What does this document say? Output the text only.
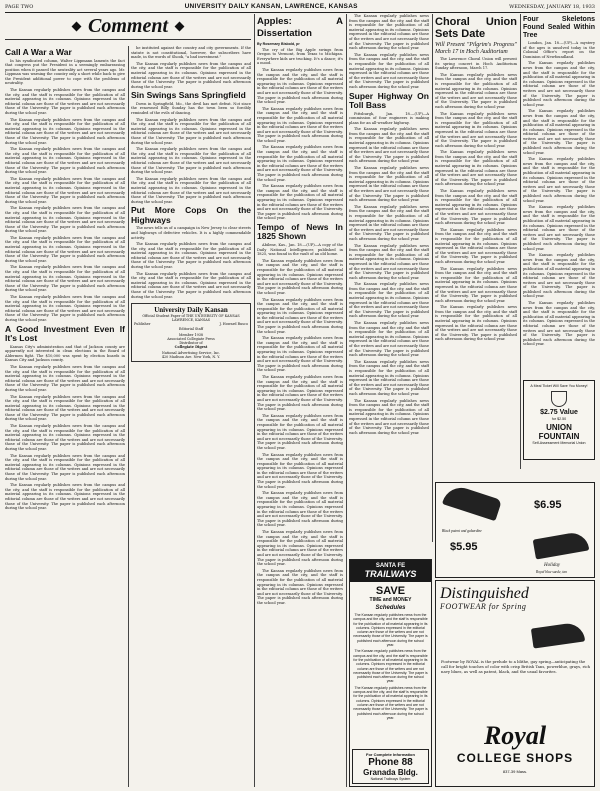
PAGE TWO	UNIVERSITY DAILY KANSAN, LAWRENCE, KANSAS	WEDNESDAY, JANUARY 18, 1933
Comment
Call A War a War

In his syndicated column, Walter Lippmann laments the fact that congress put the President in a seemingly embarrassing position when it passed the neutrality act several years ago. Mr. Lippman was warning the country only a short while back to give the President additional power to cope with the problems of neutrality.

The Kansan regularly publishes news from the campus and the city, and the staff is responsible for the publication of all material appearing in its columns. Opinions expressed in the editorial column are those of the writers and are not necessarily those of the University. The paper is published each afternoon during the school year.

The Kansan regularly publishes news from the campus and the city, and the staff is responsible for the publication of all material appearing in its columns. Opinions expressed in the editorial column are those of the writers and are not necessarily those of the University. The paper is published each afternoon during the school year.

The Kansan regularly publishes news from the campus and the city, and the staff is responsible for the publication of all material appearing in its columns. Opinions expressed in the editorial column are those of the writers and are not necessarily those of the University. The paper is published each afternoon during the school year.

The Kansan regularly publishes news from the campus and the city, and the staff is responsible for the publication of all material appearing in its columns. Opinions expressed in the editorial column are those of the writers and are not necessarily those of the University. The paper is published each afternoon during the school year.

The Kansan regularly publishes news from the campus and the city, and the staff is responsible for the publication of all material appearing in its columns. Opinions expressed in the editorial column are those of the writers and are not necessarily those of the University. The paper is published each afternoon during the school year.

The Kansan regularly publishes news from the campus and the city, and the staff is responsible for the publication of all material appearing in its columns. Opinions expressed in the editorial column are those of the writers and are not necessarily those of the University. The paper is published each afternoon during the school year.

The Kansan regularly publishes news from the campus and the city, and the staff is responsible for the publication of all material appearing in its columns. Opinions expressed in the editorial column are those of the writers and are not necessarily those of the University. The paper is published each afternoon during the school year.

The Kansan regularly publishes news from the campus and the city, and the staff is responsible for the publication of all material appearing in its columns. Opinions expressed in the editorial column are those of the writers and are not necessarily those of the University. The paper is published each afternoon during the school year.

A Good Investment Even If It's Lost

Kansas City's administration and that of Jackson county are apparently not interested in clean elections in the Board of Aldermen fight. The $10,000 was spent by election boards in Kansas City and Jackson county.

The Kansan regularly publishes news from the campus and the city, and the staff is responsible for the publication of all material appearing in its columns. Opinions expressed in the editorial column are those of the writers and are not necessarily those of the University. The paper is published each afternoon during the school year.

The Kansan regularly publishes news from the campus and the city, and the staff is responsible for the publication of all material appearing in its columns. Opinions expressed in the editorial column are those of the writers and are not necessarily those of the University. The paper is published each afternoon during the school year.

The Kansan regularly publishes news from the campus and the city, and the staff is responsible for the publication of all material appearing in its columns. Opinions expressed in the editorial column are those of the writers and are not necessarily those of the University. The paper is published each afternoon during the school year.

The Kansan regularly publishes news from the campus and the city, and the staff is responsible for the publication of all material appearing in its columns. Opinions expressed in the editorial column are those of the writers and are not necessarily those of the University. The paper is published each afternoon during the school year.

The Kansan regularly publishes news from the campus and the city, and the staff is responsible for the publication of all material appearing in its columns. Opinions expressed in the editorial column are those of the writers and are not necessarily those of the University. The paper is published each afternoon during the school year.

he instituted against the country and city governments. If the statute is not constitutional, however, the subscribers have made, in the words of Shook, "a bad investment."

The Kansan regularly publishes news from the campus and the city, and the staff is responsible for the publication of all material appearing in its columns. Opinions expressed in the editorial column are those of the writers and are not necessarily those of the University. The paper is published each afternoon during the school year.

Sin Swings Sans Springfield

Down in Springfield, Mo., the devil has met defeat. Not since the renowned Billy Sunday has the town been so forcibly reminded of the evils of dancing.

The Kansan regularly publishes news from the campus and the city, and the staff is responsible for the publication of all material appearing in its columns. Opinions expressed in the editorial column are those of the writers and are not necessarily those of the University. The paper is published each afternoon during the school year.

The Kansan regularly publishes news from the campus and the city, and the staff is responsible for the publication of all material appearing in its columns. Opinions expressed in the editorial column are those of the writers and are not necessarily those of the University. The paper is published each afternoon during the school year.

The Kansan regularly publishes news from the campus and the city, and the staff is responsible for the publication of all material appearing in its columns. Opinions expressed in the editorial column are those of the writers and are not necessarily those of the University. The paper is published each afternoon during the school year.

Put More Cops On the Highways

The news tells us of a campaign in New Jersey to clear streets and highways of defective vehicles. It is a highly commendable activity.

The Kansan regularly publishes news from the campus and the city, and the staff is responsible for the publication of all material appearing in its columns. Opinions expressed in the editorial column are those of the writers and are not necessarily those of the University. The paper is published each afternoon during the school year.

The Kansan regularly publishes news from the campus and the city, and the staff is responsible for the publication of all material appearing in its columns. Opinions expressed in the editorial column are those of the writers and are not necessarily those of the University. The paper is published each afternoon during the school year.

University Daily Kansan
Official Student Paper of THE UNIVERSITY OF KANSAS LAWRENCE, KANSAS
Publisher	J. Howard Rusco
Editorial Staff
Member 1938
Associated Collegiate Press
Distributor of
Collegiate Digest
National Advertising Service, Inc.
420 Madison Ave. New York, N. Y.
Apples: A Dissertation
By Rosemary Bisbold, pr

The cry of the Big Apple swings from Oregon to Vermont, from Texas to Michigan. Everywhere kids are trucking. It's a dance; it's a mood.

The Kansan regularly publishes news from the campus and the city, and the staff is responsible for the publication of all material appearing in its columns. Opinions expressed in the editorial column are those of the writers and are not necessarily those of the University. The paper is published each afternoon during the school year.

The Kansan regularly publishes news from the campus and the city, and the staff is responsible for the publication of all material appearing in its columns. Opinions expressed in the editorial column are those of the writers and are not necessarily those of the University. The paper is published each afternoon during the school year.

The Kansan regularly publishes news from the campus and the city, and the staff is responsible for the publication of all material appearing in its columns. Opinions expressed in the editorial column are those of the writers and are not necessarily those of the University. The paper is published each afternoon during the school year.

The Kansan regularly publishes news from the campus and the city, and the staff is responsible for the publication of all material appearing in its columns. Opinions expressed in the editorial column are those of the writers and are not necessarily those of the University. The paper is published each afternoon during the school year.

Tempo of News In 1825 Shown

Abilene, Kas., Jan. 18.—(UP)—A copy of the Daily National Intelligencer, published in 1825, was found in the vault of an old home.

The Kansan regularly publishes news from the campus and the city, and the staff is responsible for the publication of all material appearing in its columns. Opinions expressed in the editorial column are those of the writers and are not necessarily those of the University. The paper is published each afternoon during the school year.

The Kansan regularly publishes news from the campus and the city, and the staff is responsible for the publication of all material appearing in its columns. Opinions expressed in the editorial column are those of the writers and are not necessarily those of the University. The paper is published each afternoon during the school year.

The Kansan regularly publishes news from the campus and the city, and the staff is responsible for the publication of all material appearing in its columns. Opinions expressed in the editorial column are those of the writers and are not necessarily those of the University. The paper is published each afternoon during the school year.

The Kansan regularly publishes news from the campus and the city, and the staff is responsible for the publication of all material appearing in its columns. Opinions expressed in the editorial column are those of the writers and are not necessarily those of the University. The paper is published each afternoon during the school year.

The Kansan regularly publishes news from the campus and the city, and the staff is responsible for the publication of all material appearing in its columns. Opinions expressed in the editorial column are those of the writers and are not necessarily those of the University. The paper is published each afternoon during the school year.

The Kansan regularly publishes news from the campus and the city, and the staff is responsible for the publication of all material appearing in its columns. Opinions expressed in the editorial column are those of the writers and are not necessarily those of the University. The paper is published each afternoon during the school year.

The Kansan regularly publishes news from the campus and the city, and the staff is responsible for the publication of all material appearing in its columns. Opinions expressed in the editorial column are those of the writers and are not necessarily those of the University. The paper is published each afternoon during the school year.

The Kansan regularly publishes news from the campus and the city, and the staff is responsible for the publication of all material appearing in its columns. Opinions expressed in the editorial column are those of the writers and are not necessarily those of the University. The paper is published each afternoon during the school year.

The Kansan regularly publishes news from the campus and the city, and the staff is responsible for the publication of all material appearing in its columns. Opinions expressed in the editorial column are those of the writers and are not necessarily those of the University. The paper is published each afternoon during the school year.

The Kansan regularly publishes news from the campus and the city, and the staff is responsible for the publication of all material appearing in its columns. Opinions expressed in the editorial column are those of the writers and are not necessarily those of the University. The paper is published each afternoon during the school year.

The Kansan regularly publishes news from the campus and the city, and the staff is responsible for the publication of all material appearing in its columns. Opinions expressed in the editorial column are those of the writers and are not necessarily those of the University. The paper is published each afternoon during the school year.

Super Highway On Toll Bass

Pittsburgh, Jan. 18.—(UP)—A commission of four engineers is making plans for an all-weather highway.

The Kansan regularly publishes news from the campus and the city, and the staff is responsible for the publication of all material appearing in its columns. Opinions expressed in the editorial column are those of the writers and are not necessarily those of the University. The paper is published each afternoon during the school year.

The Kansan regularly publishes news from the campus and the city, and the staff is responsible for the publication of all material appearing in its columns. Opinions expressed in the editorial column are those of the writers and are not necessarily those of the University. The paper is published each afternoon during the school year.

The Kansan regularly publishes news from the campus and the city, and the staff is responsible for the publication of all material appearing in its columns. Opinions expressed in the editorial column are those of the writers and are not necessarily those of the University. The paper is published each afternoon during the school year.

The Kansan regularly publishes news from the campus and the city, and the staff is responsible for the publication of all material appearing in its columns. Opinions expressed in the editorial column are those of the writers and are not necessarily those of the University. The paper is published each afternoon during the school year.

The Kansan regularly publishes news from the campus and the city, and the staff is responsible for the publication of all material appearing in its columns. Opinions expressed in the editorial column are those of the writers and are not necessarily those of the University. The paper is published each afternoon during the school year.

The Kansan regularly publishes news from the campus and the city, and the staff is responsible for the publication of all material appearing in its columns. Opinions expressed in the editorial column are those of the writers and are not necessarily those of the University. The paper is published each afternoon during the school year.

The Kansan regularly publishes news from the campus and the city, and the staff is responsible for the publication of all material appearing in its columns. Opinions expressed in the editorial column are those of the writers and are not necessarily those of the University. The paper is published each afternoon during the school year.

The Kansan regularly publishes news from the campus and the city, and the staff is responsible for the publication of all material appearing in its columns. Opinions expressed in the editorial column are those of the writers and are not necessarily those of the University. The paper is published each afternoon during the school year.

Choral Union Sets Date
Will Present "Pilgrim's Progress" March 17 in Hoch Auditorium

The Lawrence Choral Union will present its spring concert in Hoch Auditorium Sunday afternoon, March 17.

The Kansan regularly publishes news from the campus and the city, and the staff is responsible for the publication of all material appearing in its columns. Opinions expressed in the editorial column are those of the writers and are not necessarily those of the University. The paper is published each afternoon during the school year.

The Kansan regularly publishes news from the campus and the city, and the staff is responsible for the publication of all material appearing in its columns. Opinions expressed in the editorial column are those of the writers and are not necessarily those of the University. The paper is published each afternoon during the school year.

The Kansan regularly publishes news from the campus and the city, and the staff is responsible for the publication of all material appearing in its columns. Opinions expressed in the editorial column are those of the writers and are not necessarily those of the University. The paper is published each afternoon during the school year.

The Kansan regularly publishes news from the campus and the city, and the staff is responsible for the publication of all material appearing in its columns. Opinions expressed in the editorial column are those of the writers and are not necessarily those of the University. The paper is published each afternoon during the school year.

The Kansan regularly publishes news from the campus and the city, and the staff is responsible for the publication of all material appearing in its columns. Opinions expressed in the editorial column are those of the writers and are not necessarily those of the University. The paper is published each afternoon during the school year.

The Kansan regularly publishes news from the campus and the city, and the staff is responsible for the publication of all material appearing in its columns. Opinions expressed in the editorial column are those of the writers and are not necessarily those of the University. The paper is published each afternoon during the school year.

The Kansan regularly publishes news from the campus and the city, and the staff is responsible for the publication of all material appearing in its columns. Opinions expressed in the editorial column are those of the writers and are not necessarily those of the University. The paper is published each afternoon during the school year.

Four Skeletons Found Sealed Within Tree

London, Jan. 18.—(UP)—A mystery of the ages is unsolved today in the Colonial Office's report on the Dominion of Newfoundland.

The Kansan regularly publishes news from the campus and the city, and the staff is responsible for the publication of all material appearing in its columns. Opinions expressed in the editorial column are those of the writers and are not necessarily those of the University. The paper is published each afternoon during the school year.

The Kansan regularly publishes news from the campus and the city, and the staff is responsible for the publication of all material appearing in its columns. Opinions expressed in the editorial column are those of the writers and are not necessarily those of the University. The paper is published each afternoon during the school year.

The Kansan regularly publishes news from the campus and the city, and the staff is responsible for the publication of all material appearing in its columns. Opinions expressed in the editorial column are those of the writers and are not necessarily those of the University. The paper is published each afternoon during the school year.

The Kansan regularly publishes news from the campus and the city, and the staff is responsible for the publication of all material appearing in its columns. Opinions expressed in the editorial column are those of the writers and are not necessarily those of the University. The paper is published each afternoon during the school year.

The Kansan regularly publishes news from the campus and the city, and the staff is responsible for the publication of all material appearing in its columns. Opinions expressed in the editorial column are those of the writers and are not necessarily those of the University. The paper is published each afternoon during the school year.

The Kansan regularly publishes news from the campus and the city, and the staff is responsible for the publication of all material appearing in its columns. Opinions expressed in the editorial column are those of the writers and are not necessarily those of the University. The paper is published each afternoon during the school year.

A Meal Ticket Will Save You Money!
$2.75 Value
for $2.50
UNION FOUNTAIN
Self-Assessment Memorial Union
$6.95
Black patent and gabardine
$5.95
Holiday
Royal blue suede, tan
Distinguished
FOOTWEAR for Spring
Footwear by ROYAL is the prelude to a blithe, gay spring—anticipating the call for bright touches of color with crisp British Tans, powerblue, grays, rich navy blues, as well as patent, black, and the usual favorites.
Royal
COLLEGE SHOPS
837-39 Mass.
SANTA FE
TRAILWAYS
SAVE
TIME and MONEY
Schedules

The Kansan regularly publishes news from the campus and the city, and the staff is responsible for the publication of all material appearing in its columns. Opinions expressed in the editorial column are those of the writers and are not necessarily those of the University. The paper is published each afternoon during the school year.

The Kansan regularly publishes news from the campus and the city, and the staff is responsible for the publication of all material appearing in its columns. Opinions expressed in the editorial column are those of the writers and are not necessarily those of the University. The paper is published each afternoon during the school year.

The Kansan regularly publishes news from the campus and the city, and the staff is responsible for the publication of all material appearing in its columns. Opinions expressed in the editorial column are those of the writers and are not necessarily those of the University. The paper is published each afternoon during the school year.

For Complete Information
Phone 88
Granada Bldg.
National Trailways System
